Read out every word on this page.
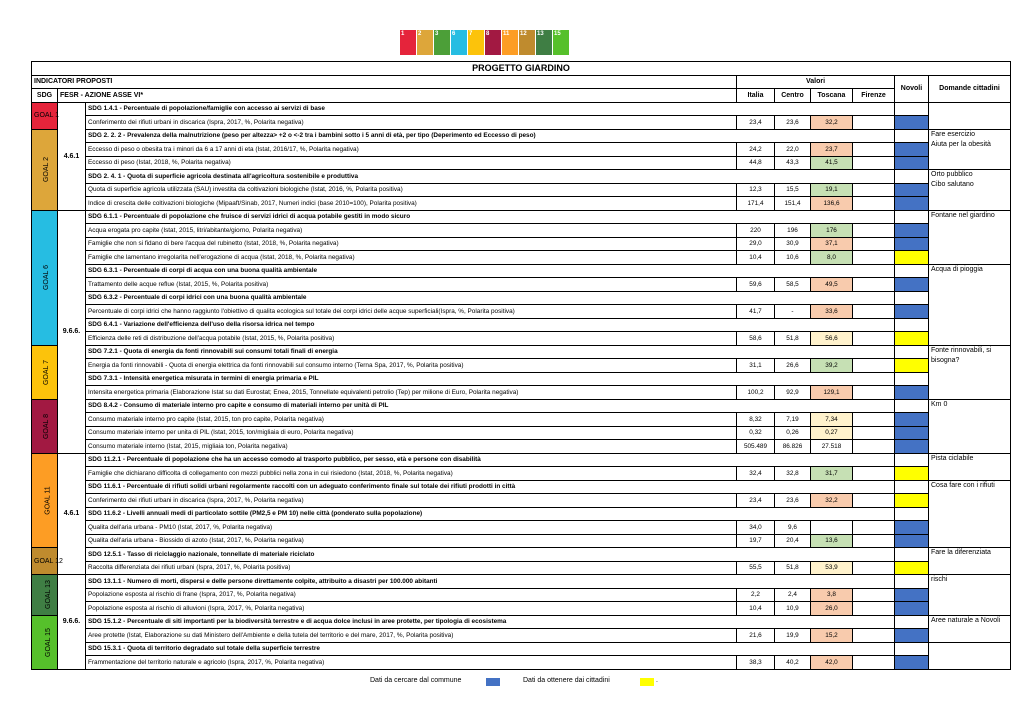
1	2	3	6	7	8	11	12	13	15
PROGETTO GIARDINO								
INDICATORI PROPOSTI			Valori				Novoli	Domande cittadini
SDG	FESR - AZIONE ASSE VI*		Italia	Centro	Toscana	Firenze		
GOAL 1	4.6.1	SDG 1.4.1 - Percentuale di popolazione/famiglie con accesso ai servizi di base						
		Conferimento dei rifiuti urbani in discarica (Ispra, 2017, %, Polarita negativa)	23,4	23,6	32,2			
GOAL 2		SDG 2. 2. 2 - Prevalenza della malnutrizione (peso per altezza> +2 o <-2 tra i bambini sotto i 5 anni di età, per tipo (Deperimento ed Eccesso di peso)						Fare esercizio
Aiuta per la obesità
		Eccesso di peso o obesita tra i minori da 6 a 17 anni di eta (Istat, 2016/17, %, Polarita negativa)	24,2	22,0	23,7			
		Eccesso di peso (Istat, 2018, %, Polarita negativa)	44,8	43,3	41,5			
		SDG 2. 4. 1 - Quota di superficie agricola destinata all'agricoltura sostenibile e produttiva						Orto pubblico
Cibo salutano
		Quota di superficie agricola utilizzata (SAU) investita da coltivazioni biologiche (Istat, 2016, %, Polarita positiva)	12,3	15,5	19,1			
		Indice di crescita delle coltivazioni biologiche (Mipaaft/Sinab, 2017, Numeri indici (base 2010=100), Polarita positiva)	171,4	151,4	136,6			
GOAL 6	9.6.6.	SDG 6.1.1 - Percentuale di popolazione che fruisce di servizi idrici di acqua potabile gestiti in modo sicuro						Fontane nel giardino
		Acqua erogata pro capite (Istat, 2015, litri/abitante/giorno, Polarita negativa)	220	196	176			
		Famiglie che non si fidano di bere l'acqua del rubinetto (Istat, 2018, %, Polarita negativa)	29,0	30,9	37,1			
		Famiglie che lamentano irregolarita nell'erogazione di acqua (Istat, 2018, %, Polarita negativa)	10,4	10,6	8,0			
		SDG 6.3.1 - Percentuale di corpi di acqua con una buona qualità ambientale						Acqua di pioggia
		Trattamento delle acque reflue (Istat, 2015, %, Polarita positiva)	59,6	58,5	49,5			
		SDG 6.3.2 - Percentuale di corpi idrici con una buona qualità ambientale						
		Percentuale di corpi idrici che hanno raggiunto l'obiettivo di qualita ecologica sul totale dei corpi idrici delle acque superficiali(Ispra, %, Polarita positiva)	41,7	-	33,6			
		SDG 6.4.1 - Variazione dell'efficienza dell'uso della risorsa idrica nel tempo						
		Efficienza delle reti di distribuzione dell'acqua potabile (Istat, 2015, %, Polarita positiva)	58,6	51,8	56,6			
GOAL 7		SDG 7.2.1 - Quota di energia da fonti rinnovabili sui consumi totali finali di energia						Fonte rinnovabili, si bisogna?
		Energia da fonti rinnovabili - Quota di energia elettrica da fonti rinnovabili sul consumo interno (Terna Spa, 2017, %, Polarita positiva)	31,1	26,6	39,2			
		SDG 7.3.1 - Intensità energetica misurata in termini di energia primaria e PIL						
		Intensita energetica primaria (Elaborazione Istat su dati Eurostat; Enea, 2015, Tonnellate equivalenti petrolio (Tep) per milione di Euro, Polarita negativa)	100,2	92,9	129,1			
GOAL 8		SDG 8.4.2 - Consumo di materiale interno pro capite e consumo di materiali interno per unità di PIL						Km 0
		Consumo materiale interno pro capite (Istat, 2015, ton pro capite, Polarita negativa)	8,32	7,19	7,34			
		Consumo materiale interno per unita di PIL (Istat, 2015, ton/migliaia di euro, Polarita negativa)	0,32	0,26	0,27			
		Consumo materiale interno (Istat, 2015, migliaia ton, Polarita negativa)	505.489	86.826	27.518			
GOAL 11	4.6.1	SDG 11.2.1 - Percentuale di popolazione che ha un accesso comodo al trasporto pubblico, per sesso, età e persone con disabilità						Pista ciclabile
		Famiglie che dichiarano difficolta di collegamento con mezzi pubblici nella zona in cui risiedono (Istat, 2018, %, Polarita negativa)	32,4	32,8	31,7			
		SDG 11.6.1 - Percentuale di rifiuti solidi urbani regolarmente raccolti con un adeguato conferimento finale sul totale dei rifiuti prodotti in città						Cosa fare con i rifiuti
		Conferimento dei rifiuti urbani in discarica (Ispra, 2017, %, Polarita negativa)	23,4	23,6	32,2			
		SDG 11.6.2 - Livelli annuali medi di particolato sottile (PM2,5 e PM 10) nelle città (ponderato sulla popolazione)						
		Qualita dell'aria urbana - PM10 (Istat, 2017, %, Polarita negativa)	34,0	9,6				
		Qualita dell'aria urbana - Biossido di azoto (Istat, 2017, %, Polarita negativa)	19,7	20,4	13,6			
GOAL 12		SDG 12.5.1 - Tasso di riciclaggio nazionale, tonnellate di materiale riciclato						Fare la diferenziata
		Raccolta differenziata dei rifiuti urbani (Ispra, 2017, %, Polarita positiva)	55,5	51,8	53,9			
GOAL 13	9.6.6.	SDG 13.1.1 - Numero di morti, dispersi e delle persone direttamente colpite, attribuito a disastri per 100.000 abitanti						rischi
		Popolazione esposta al rischio di frane (Ispra, 2017, %, Polarita negativa)	2,2	2,4	3,8			
		Popolazione esposta al rischio di alluvioni (Ispra, 2017, %, Polarita negativa)	10,4	10,9	26,0			
GOAL 15		SDG 15.1.2 - Percentuale di siti importanti per la biodiversità terrestre e di acqua dolce inclusi in aree protette, per tipologia di ecosistema						Aree naturale a Novoli
		Aree protette (Istat, Elaborazione su dati Ministero dell'Ambiente e della tutela del territorio e del mare, 2017, %, Polarita positiva)	21,6	19,9	15,2			
		SDG 15.3.1 - Quota di territorio degradato sul totale della superficie terrestre						
		Frammentazione del territorio naturale e agricolo (Ispra, 2017, %, Polarita negativa)	38,3	40,2	42,0			
Dati da cercare dal commune	Dati da ottenere dai cittadini	.
